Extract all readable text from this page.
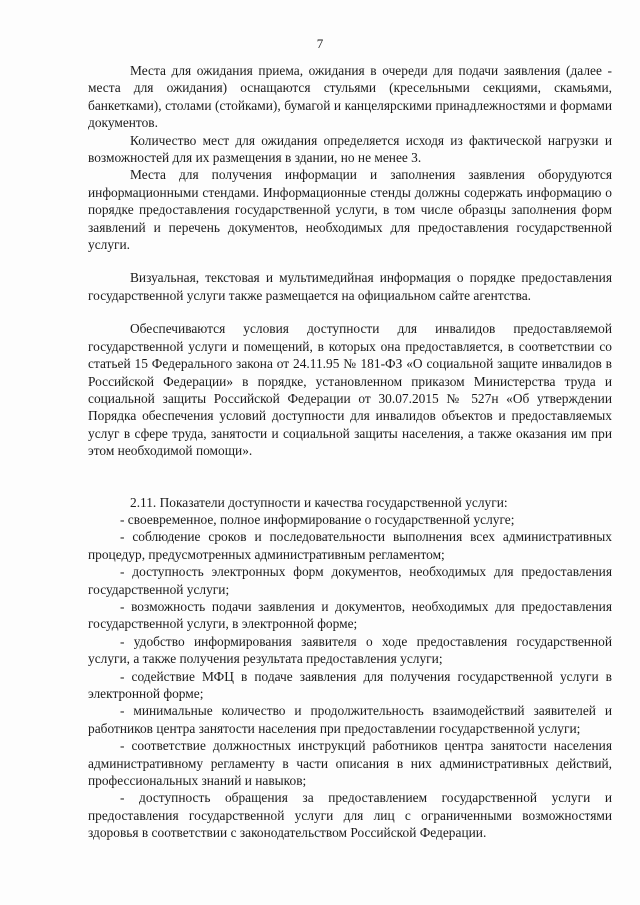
7

Места для ожидания приема, ожидания в очереди для подачи заявления (далее - места для ожидания) оснащаются стульями (кресельными секциями, скамьями, банкетками), столами (стойками), бумагой и канцелярскими принадлежностями и формами документов.

Количество мест для ожидания определяется исходя из фактической нагрузки и возможностей для их размещения в здании, но не менее 3.

Места для получения информации и заполнения заявления оборудуются информационными стендами. Информационные стенды должны содержать информацию о порядке предоставления государственной услуги, в том числе образцы заполнения форм заявлений и перечень документов, необходимых для предоставления государственной услуги.

Визуальная, текстовая и мультимедийная информация о порядке предоставления государственной услуги также размещается на официальном сайте агентства.

Обеспечиваются условия доступности для инвалидов предоставляемой государственной услуги и помещений, в которых она предоставляется, в соответствии со статьей 15 Федерального закона от 24.11.95 № 181-ФЗ «О социальной защите инвалидов в Российской Федерации» в порядке, установленном приказом Министерства труда и социальной защиты Российской Федерации от 30.07.2015 № 527н «Об утверждении Порядка обеспечения условий доступности для инвалидов объектов и предоставляемых услуг в сфере труда, занятости и социальной защиты населения, а также оказания им при этом необходимой помощи».

2.11. Показатели доступности и качества государственной услуги:

- своевременное, полное информирование о государственной услуге;

- соблюдение сроков и последовательности выполнения всех административных процедур, предусмотренных административным регламентом;

- доступность электронных форм документов, необходимых для предоставления государственной услуги;

- возможность подачи заявления и документов, необходимых для предоставления государственной услуги, в электронной форме;

- удобство информирования заявителя о ходе предоставления государственной услуги, а также получения результата предоставления услуги;

- содействие МФЦ в подаче заявления для получения государственной услуги в электронной форме;

- минимальные количество и продолжительность взаимодействий заявителей и работников центра занятости населения при предоставлении государственной услуги;

- соответствие должностных инструкций работников центра занятости населения административному регламенту в части описания в них административных действий, профессиональных знаний и навыков;

- доступность обращения за предоставлением государственной услуги и предоставления государственной услуги для лиц с ограниченными возможностями здоровья в соответствии с законодательством Российской Федерации.
